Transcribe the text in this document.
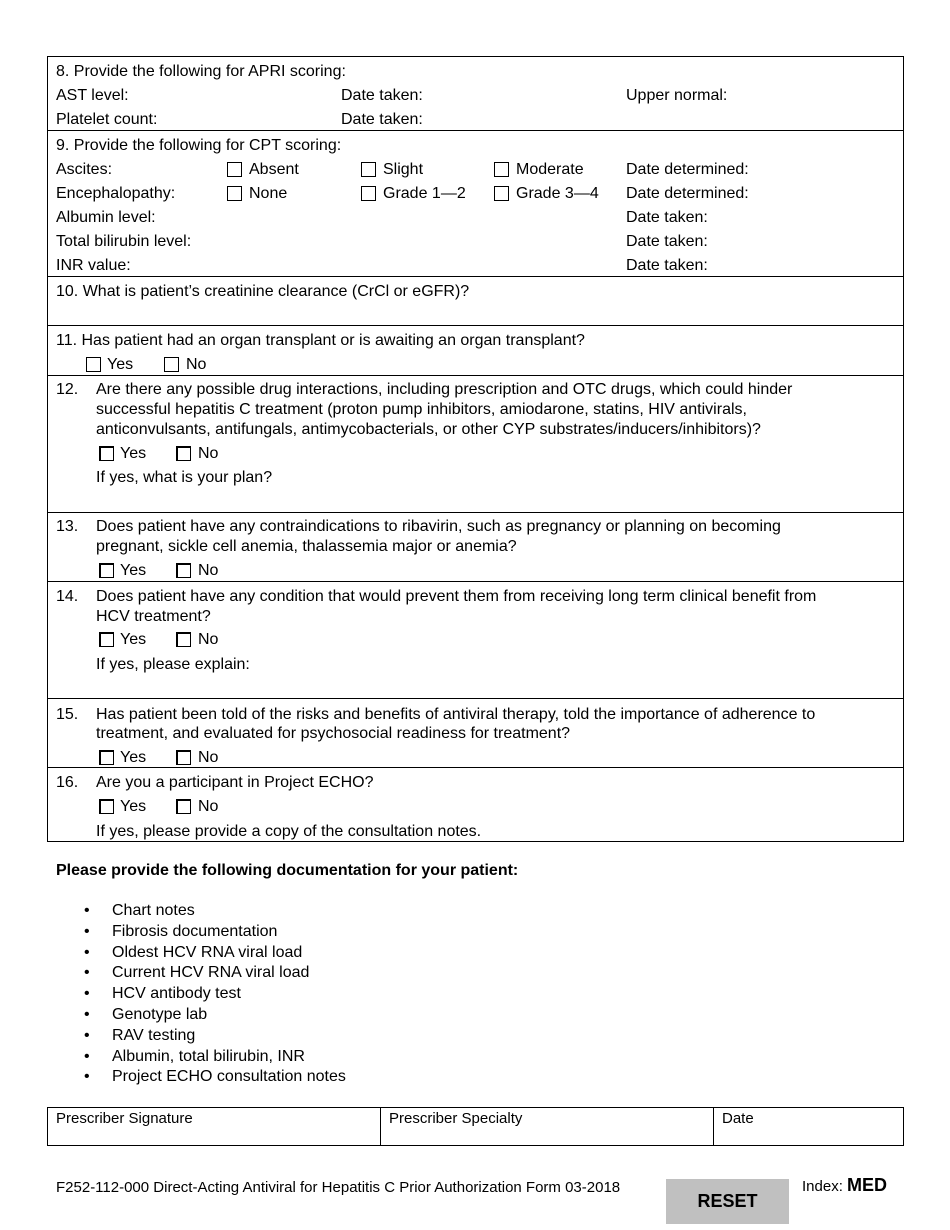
8. Provide the following for APRI scoring:
AST level:	Date taken:	Upper normal:
Platelet count:	Date taken:
9. Provide the following for CPT scoring:
Ascites:	Absent	Slight	Moderate	Date determined:
Encephalopathy:	None	Grade 1—2	Grade 3—4 Date determined:
Albumin level:	Date taken:
Total bilirubin level:	Date taken:
INR value:	Date taken:
10. What is patient’s creatinine clearance (CrCl or eGFR)?
11. Has patient had an organ transplant or is awaiting an organ transplant?
Yes	No
12. Are there any possible drug interactions, including prescription and OTC drugs, which could hinder
successful hepatitis C treatment (proton pump inhibitors, amiodarone, statins, HIV antivirals,
anticonvulsants, antifungals, antimycobacterials, or other CYP substrates/inducers/inhibitors)?
Yes	No
If yes, what is your plan?
13. Does patient have any contraindications to ribavirin, such as pregnancy or planning on becoming
pregnant, sickle cell anemia, thalassemia major or anemia?
Yes	No
14. Does patient have any condition that would prevent them from receiving long term clinical benefit from
HCV treatment?
Yes	No
If yes, please explain:
15. Has patient been told of the risks and benefits of antiviral therapy, told the importance of adherence to
treatment, and evaluated for psychosocial readiness for treatment?
Yes	No
16. Are you a participant in Project ECHO?
Yes	No
If yes, please provide a copy of the consultation notes.
Please provide the following documentation for your patient:
• Chart notes
• Fibrosis documentation
• Oldest HCV RNA viral load
• Current HCV RNA viral load
• HCV antibody test
• Genotype lab
• RAV testing
• Albumin, total bilirubin, INR
• Project ECHO consultation notes
Prescriber Signature	Prescriber Specialty	Date
F252-112-000 Direct-Acting Antiviral for Hepatitis C Prior Authorization Form 03-2018
RESET
Index: MED
